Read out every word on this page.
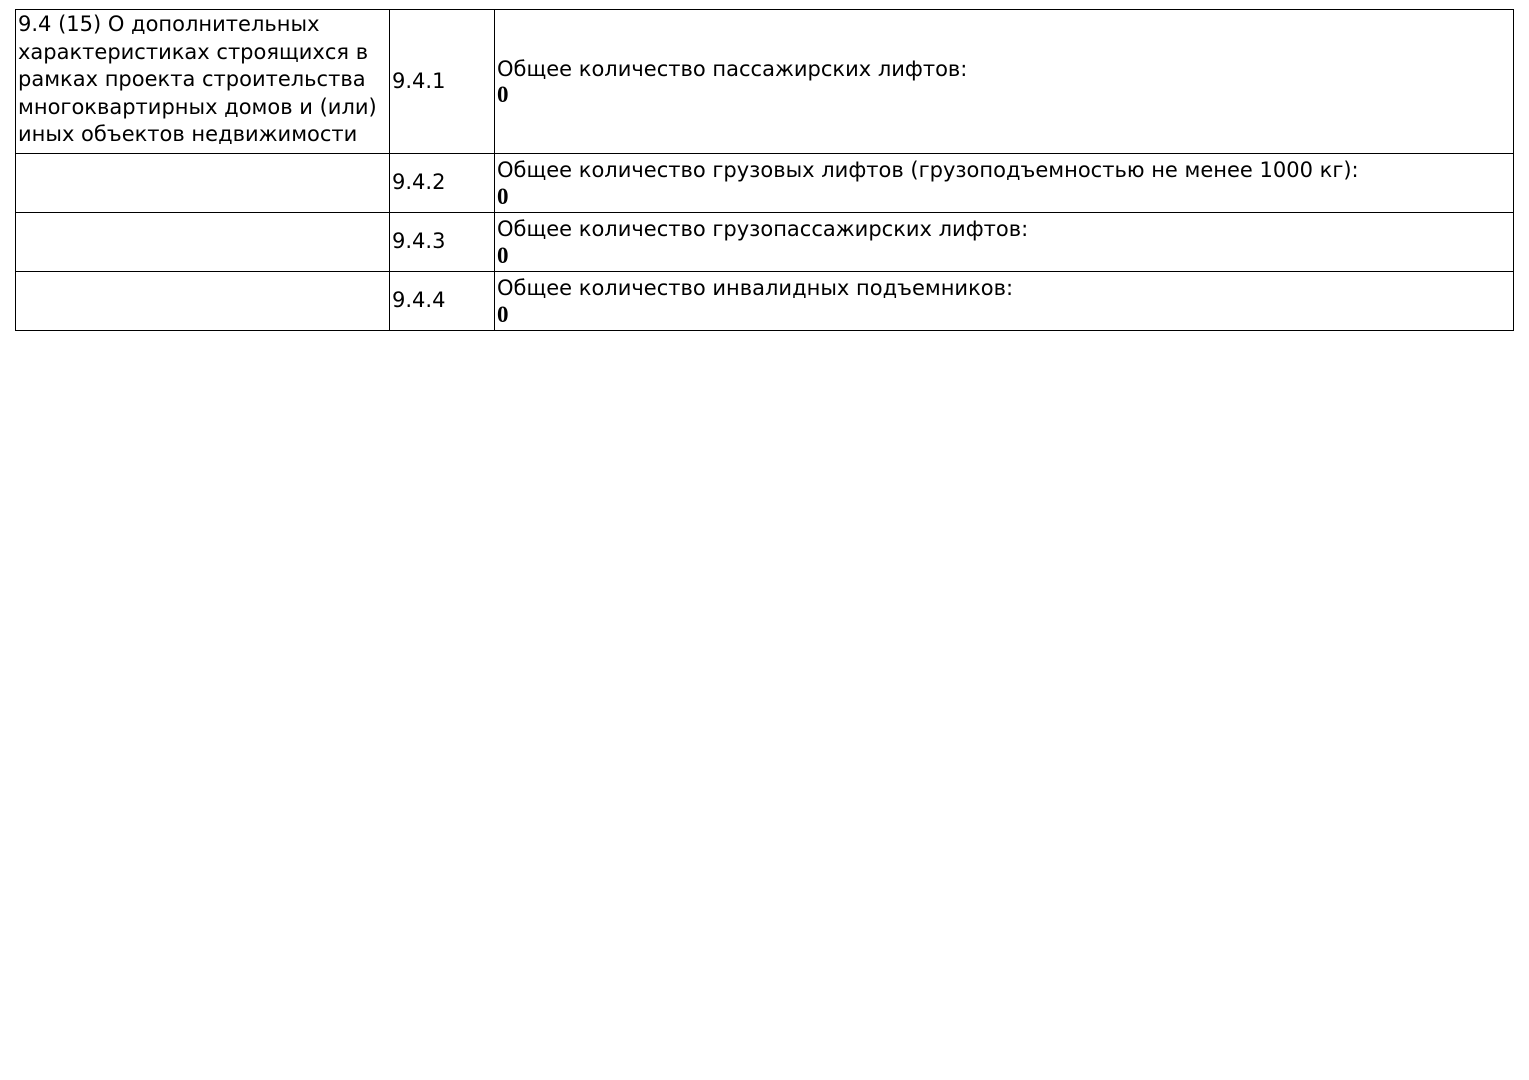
9.4 (15) О дополнительных характеристиках строящихся в рамках проекта строительства многоквартирных домов и (или) иных объектов недвижимости	9.4.1	Общее количество пассажирских лифтов:
0

	9.4.2	Общее количество грузовых лифтов (грузоподъемностью не менее 1000 кг):
0

	9.4.3	Общее количество грузопассажирских лифтов:
0

	9.4.4	Общее количество инвалидных подъемников:
0
